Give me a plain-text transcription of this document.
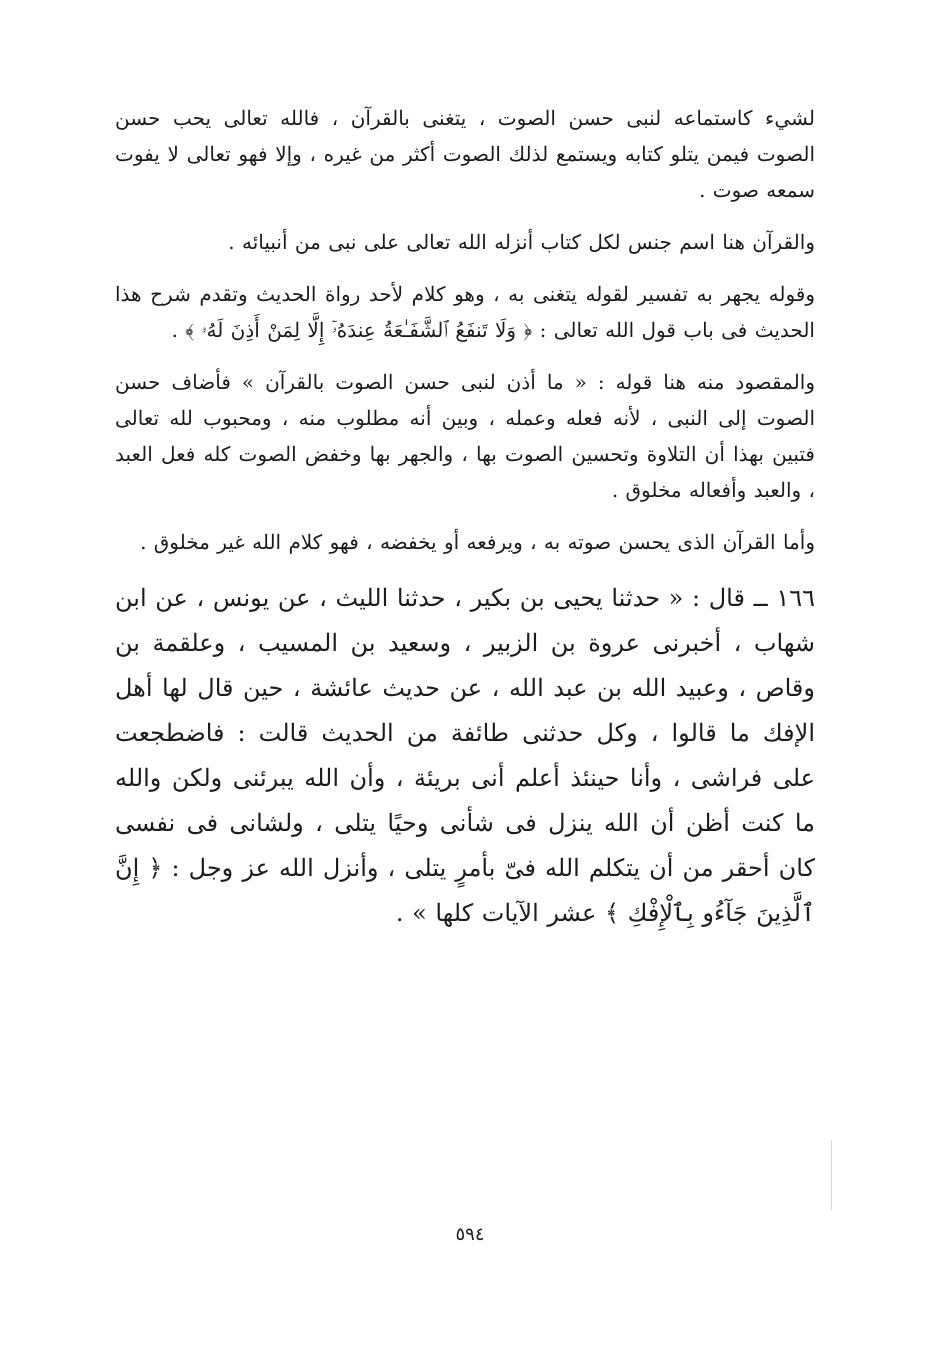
لشيء كاستماعه لنبى حسن الصوت ، يتغنى بالقرآن ، فالله تعالى يحب حسن الصوت فيمن يتلو كتابه ويستمع لذلك الصوت أكثر من غيره ، وإلا فهو تعالى لا يفوت سمعه صوت .

والقرآن هنا اسم جنس لكل كتاب أنزله الله تعالى على نبى من أنبيائه .

وقوله يجهر به تفسير لقوله يتغنى به ، وهو كلام لأحد رواة الحديث وتقدم شرح هذا الحديث فى باب قول الله تعالى : ﴿ وَلَا تَنفَعُ ٱلشَّفَـٰعَةُ عِندَهُۥٓ إِلَّا لِمَنْ أَذِنَ لَهُۥ ﴾ .

والمقصود منه هنا قوله : « ما أذن لنبى حسن الصوت بالقرآن » فأضاف حسن الصوت إلى النبى ، لأنه فعله وعمله ، وبين أنه مطلوب منه ، ومحبوب لله تعالى فتبين بهذا أن التلاوة وتحسين الصوت بها ، والجهر بها وخفض الصوت كله فعل العبد ، والعبد وأفعاله مخلوق .

وأما القرآن الذى يحسن صوته به ، ويرفعه أو يخفضه ، فهو كلام الله غير مخلوق .

١٦٦ ــ قال : « حدثنا يحيى بن بكير ، حدثنا الليث ، عن يونس ، عن ابن شهاب ، أخبرنى عروة بن الزبير ، وسعيد بن المسيب ، وعلقمة بن وقاص ، وعبيد الله بن عبد الله ، عن حديث عائشة ، حين قال لها أهل الإفك ما قالوا ، وكل حدثنى طائفة من الحديث قالت : فاضطجعت على فراشى ، وأنا حينئذ أعلم أنى بريئة ، وأن الله يبرئنى ولكن والله ما كنت أظن أن الله ينزل فى شأنى وحيًا يتلى ، ولشانى فى نفسى كان أحقر من أن يتكلم الله فىّ بأمرٍ يتلى ، وأنزل الله عز وجل : ﴿ إِنَّ ٱلَّذِينَ جَآءُو بِٱلْإِفْكِ ﴾ عشر الآيات كلها » .

٥٩٤
